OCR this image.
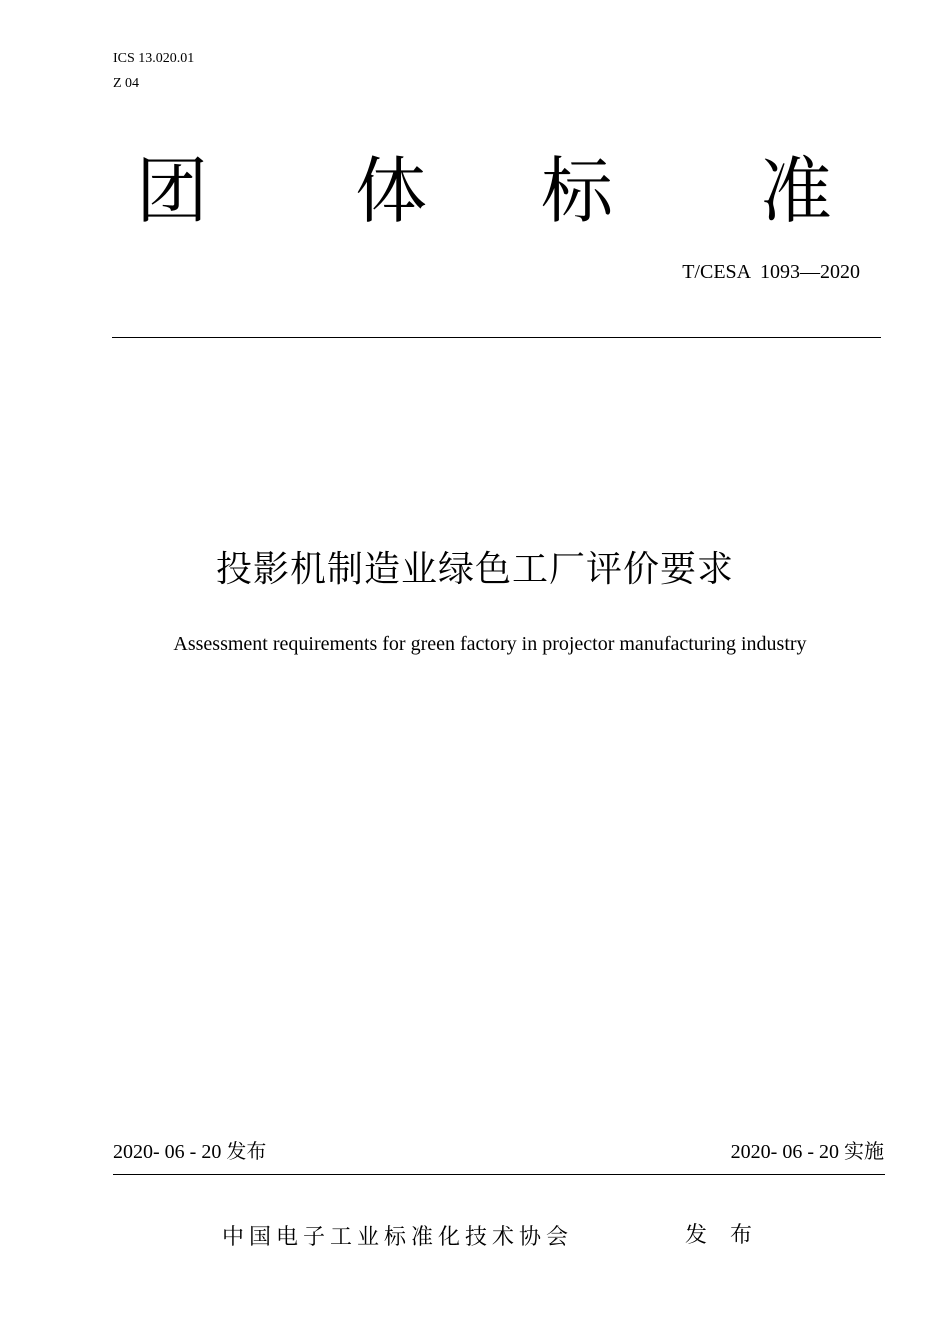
ICS 13.020.01
Z 04
团 体 标 准
T/CESA  1093—2020
投影机制造业绿色工厂评价要求
Assessment requirements for green factory in projector manufacturing industry
2020- 06 - 20 发布	2020- 06 - 20 实施
中国电子工业标准化技术协会	发 布
